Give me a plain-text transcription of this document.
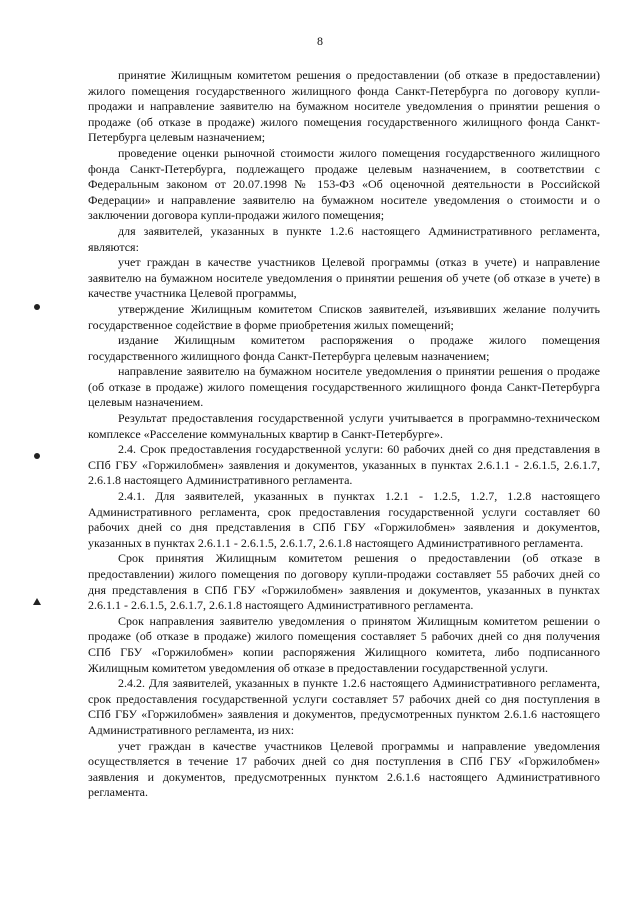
8

принятие Жилищным комитетом решения о предоставлении (об отказе в предоставлении) жилого помещения государственного жилищного фонда Санкт-Петербурга по договору купли-продажи и направление заявителю на бумажном носителе уведомления о принятии решения о продаже (об отказе в продаже) жилого помещения государственного жилищного фонда Санкт-Петербурга целевым назначением;

проведение оценки рыночной стоимости жилого помещения государственного жилищного фонда Санкт-Петербурга, подлежащего продаже целевым назначением, в соответствии с Федеральным законом от 20.07.1998 № 153-ФЗ «Об оценочной деятельности в Российской Федерации» и направление заявителю на бумажном носителе уведомления о стоимости и о заключении договора купли-продажи жилого помещения;

для заявителей, указанных в пункте 1.2.6 настоящего Административного регламента, являются:

учет граждан в качестве участников Целевой программы (отказ в учете) и направление заявителю на бумажном носителе уведомления о принятии решения об учете (об отказе в учете) в качестве участника Целевой программы,

утверждение Жилищным комитетом Списков заявителей, изъявивших желание получить государственное содействие в форме приобретения жилых помещений;

издание Жилищным комитетом распоряжения о продаже жилого помещения государственного жилищного фонда Санкт-Петербурга целевым назначением;

направление заявителю на бумажном носителе уведомления о принятии решения о продаже (об отказе в продаже) жилого помещения государственного жилищного фонда Санкт-Петербурга целевым назначением.

Результат предоставления государственной услуги учитывается в программно-техническом комплексе «Расселение коммунальных квартир в Санкт-Петербурге».

2.4. Срок предоставления государственной услуги: 60 рабочих дней со дня представления в СПб ГБУ «Горжилобмен» заявления и документов, указанных в пунктах 2.6.1.1 - 2.6.1.5, 2.6.1.7, 2.6.1.8 настоящего Административного регламента.

2.4.1. Для заявителей, указанных в пунктах 1.2.1 - 1.2.5, 1.2.7, 1.2.8 настоящего Административного регламента, срок предоставления государственной услуги составляет 60 рабочих дней со дня представления в СПб ГБУ «Горжилобмен» заявления и документов, указанных в пунктах 2.6.1.1 - 2.6.1.5, 2.6.1.7, 2.6.1.8 настоящего Административного регламента.

Срок принятия Жилищным комитетом решения о предоставлении (об отказе в предоставлении) жилого помещения по договору купли-продажи составляет 55 рабочих дней со дня представления в СПб ГБУ «Горжилобмен» заявления и документов, указанных в пунктах 2.6.1.1 - 2.6.1.5, 2.6.1.7, 2.6.1.8 настоящего Административного регламента.

Срок направления заявителю уведомления о принятом Жилищным комитетом решении о продаже (об отказе в продаже) жилого помещения составляет 5 рабочих дней со дня получения СПб ГБУ «Горжилобмен» копии распоряжения Жилищного комитета, либо подписанного Жилищным комитетом уведомления об отказе в предоставлении государственной услуги.

2.4.2. Для заявителей, указанных в пункте 1.2.6 настоящего Административного регламента, срок предоставления государственной услуги составляет 57 рабочих дней со дня поступления в СПб ГБУ «Горжилобмен» заявления и документов, предусмотренных пунктом 2.6.1.6 настоящего Административного регламента, из них:

учет граждан в качестве участников Целевой программы и направление уведомления осуществляется в течение 17 рабочих дней со дня поступления в СПб ГБУ «Горжилобмен» заявления и документов, предусмотренных пунктом 2.6.1.6 настоящего Административного регламента.
